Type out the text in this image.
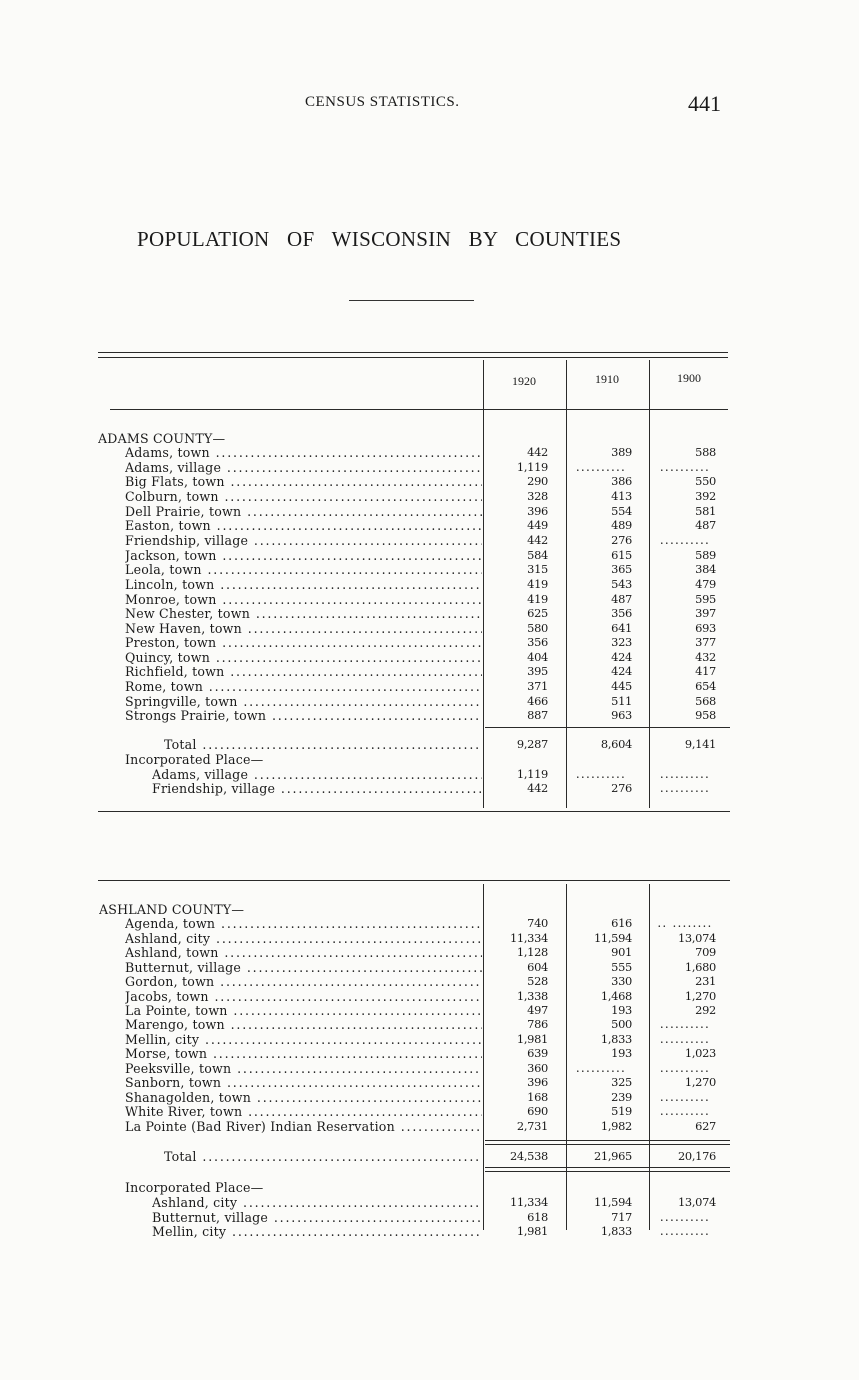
CENSUS STATISTICS.	441
POPULATION OF WISCONSIN BY COUNTIES
1920	1910	1900
ADAMS COUNTY—
Adams, town .....	442	389	588
Adams, village .....	1,119	..........	..........
Big Flats, town .....	290	386	550
Colburn, town .....	328	413	392
Dell Prairie, town .....	396	554	581
Easton, town .....	449	489	487
Friendship, village .....	442	276	..........
Jackson, town .....	584	615	589
Leola, town .....	315	365	384
Lincoln, town .....	419	543	479
Monroe, town .....	419	487	595
New Chester, town .....	625	356	397
New Haven, town .....	580	641	693
Preston, town .....	356	323	377
Quincy, town .....	404	424	432
Richfield, town .....	395	424	417
Rome, town .....	371	445	654
Springville, town .....	466	511	568
Strongs Prairie, town .....	887	963	958
Total .....	9,287	8,604	9,141
Incorporated Place—
Adams, village .....	1,119	..........	..........
Friendship, village .....	442	276	..........
ASHLAND COUNTY—
Agenda, town .....	740	616 .. ........
Ashland, city .....	11,334	11,594	13,074
Ashland, town .....	1,128	901	709
Butternut, village .....	604	555	1,680
Gordon, town .....	528	330	231
Jacobs, town .....	1,338	1,468	1,270
La Pointe, town .....	497	193	292
Marengo, town .....	786	500	..........
Mellin, city .....	1,981	1,833	..........
Morse, town .....	639	193	1,023
Peeksville, town .....	360	..........	..........
Sanborn, town .....	396	325	1,270
Shanagolden, town .....	168	239	..........
White River, town .....	690	519	..........
La Pointe (Bad River) Indian Reservation .....	2,731	1,982	627
Total .....	24,538	21,965	20,176
Incorporated Place—
Ashland, city .....	11,334	11,594	13,074
Butternut, village .....	618	717	..........
Mellin, city .....	1,981	1,833	..........
